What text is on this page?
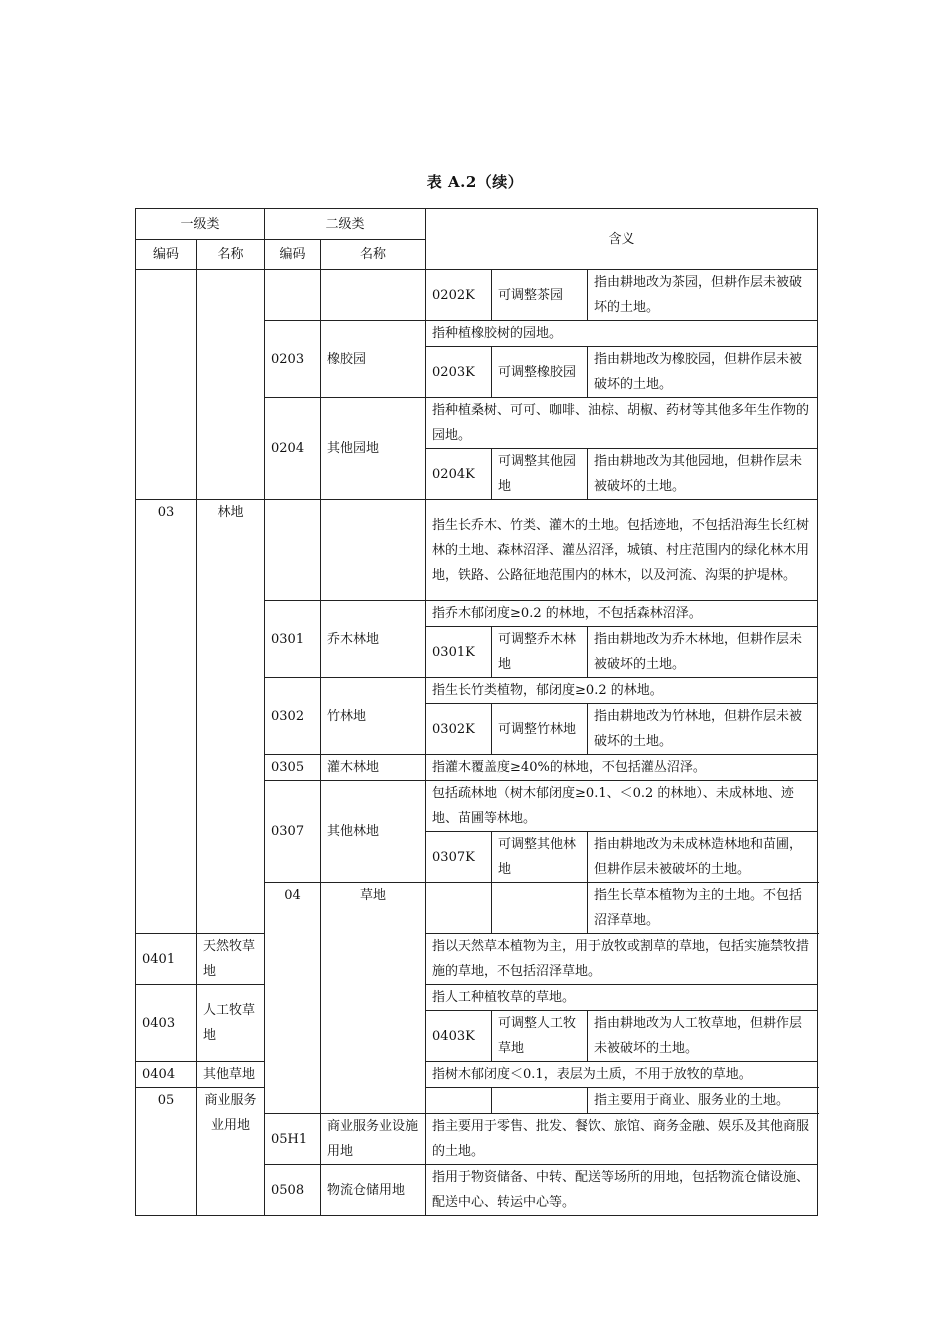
表 A.2（续）
一级类		二级类		含义		
编码	名称	编码	名称			
				0202K	可调整茶园	指由耕地改为茶园，但耕作层未被破坏的土地。
		0203	橡胶园	指种植橡胶树的园地。		
				0203K	可调整橡胶园	指由耕地改为橡胶园，但耕作层未被破坏的土地。
		0204	其他园地	指种植桑树、可可、咖啡、油棕、胡椒、药材等其他多年生作物的园地。		
				0204K	可调整其他园地	指由耕地改为其他园地，但耕作层未被破坏的土地。
03	林地			指生长乔木、竹类、灌木的土地。包括迹地，不包括沿海生长红树林的土地、森林沼泽、灌丛沼泽，城镇、村庄范围内的绿化林木用地，铁路、公路征地范围内的林木，以及河流、沟渠的护堤林。		
		0301	乔木林地	指乔木郁闭度≥0.2 的林地，不包括森林沼泽。		
				0301K	可调整乔木林地	指由耕地改为乔木林地，但耕作层未被破坏的土地。
		0302	竹林地	指生长竹类植物，郁闭度≥0.2 的林地。		
				0302K	可调整竹林地	指由耕地改为竹林地，但耕作层未被破坏的土地。
		0305	灌木林地	指灌木覆盖度≥40%的林地，不包括灌丛沼泽。		
		0307	其他林地	包括疏林地（树木郁闭度≥0.1、＜0.2 的林地）、未成林地、迹地、苗圃等林地。		
				0307K	可调整其他林地	指由耕地改为未成林造林地和苗圃，但耕作层未被破坏的土地。
		04	草地			指生长草本植物为主的土地。不包括沼泽草地。
0401	天然牧草地			指以天然草本植物为主，用于放牧或割草的草地，包括实施禁牧措施的草地，不包括沼泽草地。		
0403	人工牧草地			指人工种植牧草的草地。		
				0403K	可调整人工牧草地	指由耕地改为人工牧草地，但耕作层未被破坏的土地。
0404	其他草地			指树木郁闭度＜0.1，表层为土质，不用于放牧的草地。		
05	商业服务业用地					指主要用于商业、服务业的土地。
		05H1	商业服务业设施用地	指主要用于零售、批发、餐饮、旅馆、商务金融、娱乐及其他商服的土地。		
		0508	物流仓储用地	指用于物资储备、中转、配送等场所的用地，包括物流仓储设施、配送中心、转运中心等。		
